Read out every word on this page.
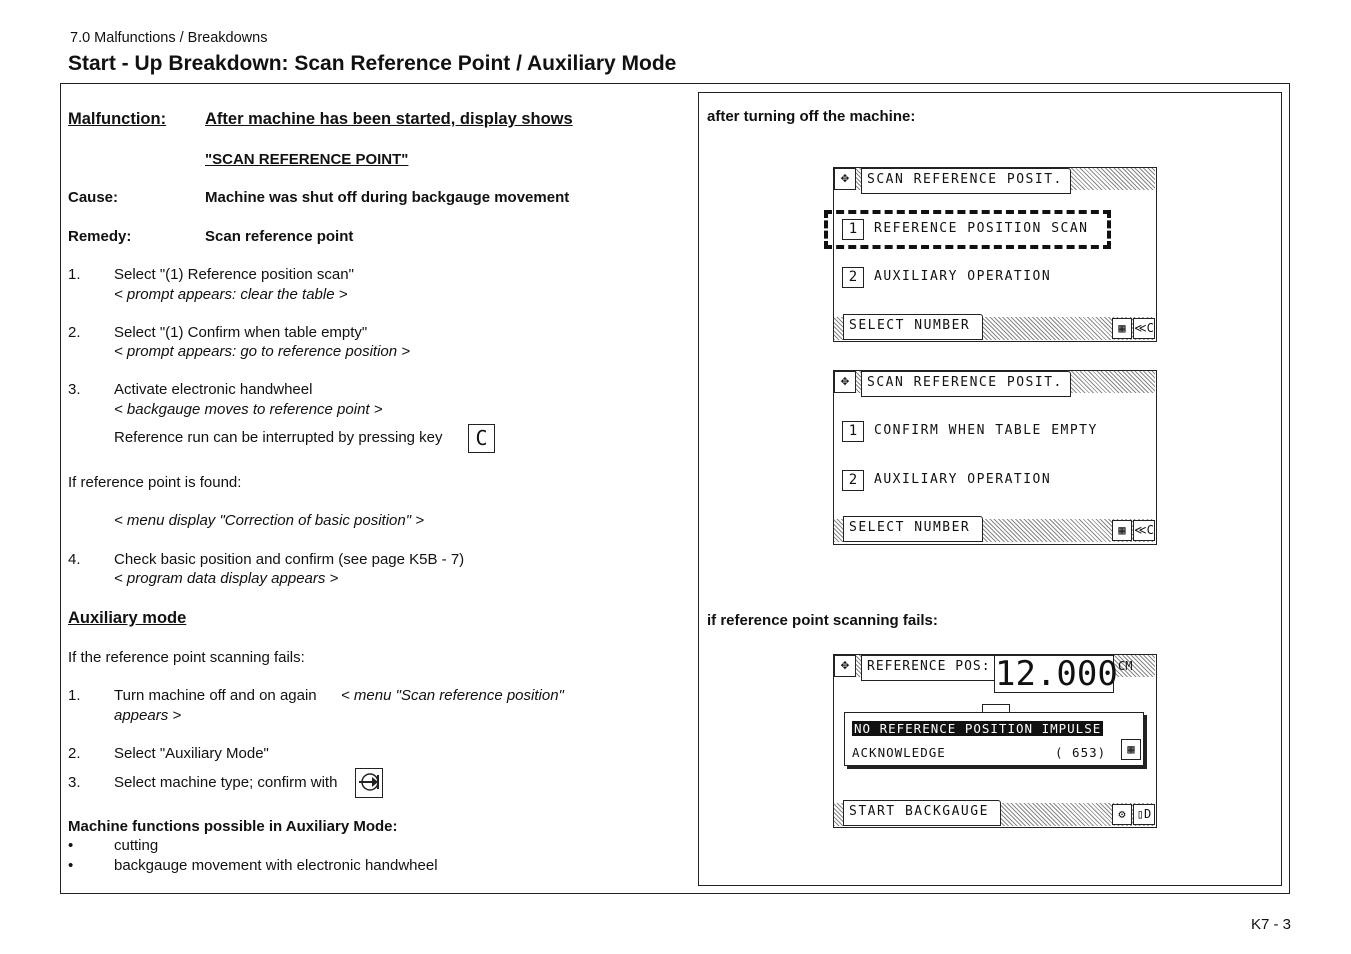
7.0 Malfunctions / Breakdowns
Start - Up Breakdown: Scan Reference Point / Auxiliary Mode
Malfunction: After machine has been started, display shows
"SCAN REFERENCE POINT"
Cause:	Machine was shut off during backgauge movement
Remedy:	Scan reference point
1. Select "(1) Reference position scan"
< prompt appears: clear the table >
2. Select "(1) Confirm when table empty"
< prompt appears: go to reference position >
3. Activate electronic handwheel
< backgauge moves to reference point >
Reference run can be interrupted by pressing key	C
If reference point is found:
< menu display "Correction of basic position" >
4. Check basic position and confirm (see page K5B - 7)
< program data display appears >
Auxiliary mode
If the reference point scanning fails:
1. Turn machine off and on again < menu "Scan reference position"
appears >
2. Select "Auxiliary Mode"
3. Select machine type; confirm with
Machine functions possible in Auxiliary Mode:
•	cutting
•	backgauge movement with electronic handwheel
after turning off the machine:
if reference point scanning fails:
✥	SCAN REFERENCE POSIT.
1	REFERENCE POSITION SCAN
2	AUXILIARY OPERATION
SELECT NUMBER	▦ ≪C
✥	SCAN REFERENCE POSIT.
1	CONFIRM WHEN TABLE EMPTY
2	AUXILIARY OPERATION
SELECT NUMBER	▦ ≪C
✥	REFERENCE POS: 12.000 CM
NO REFERENCE POSITION IMPULSE
ACKNOWLEDGE	( 653)	▦
START BACKGAUGE	⚙ ▯D
K7 - 3
